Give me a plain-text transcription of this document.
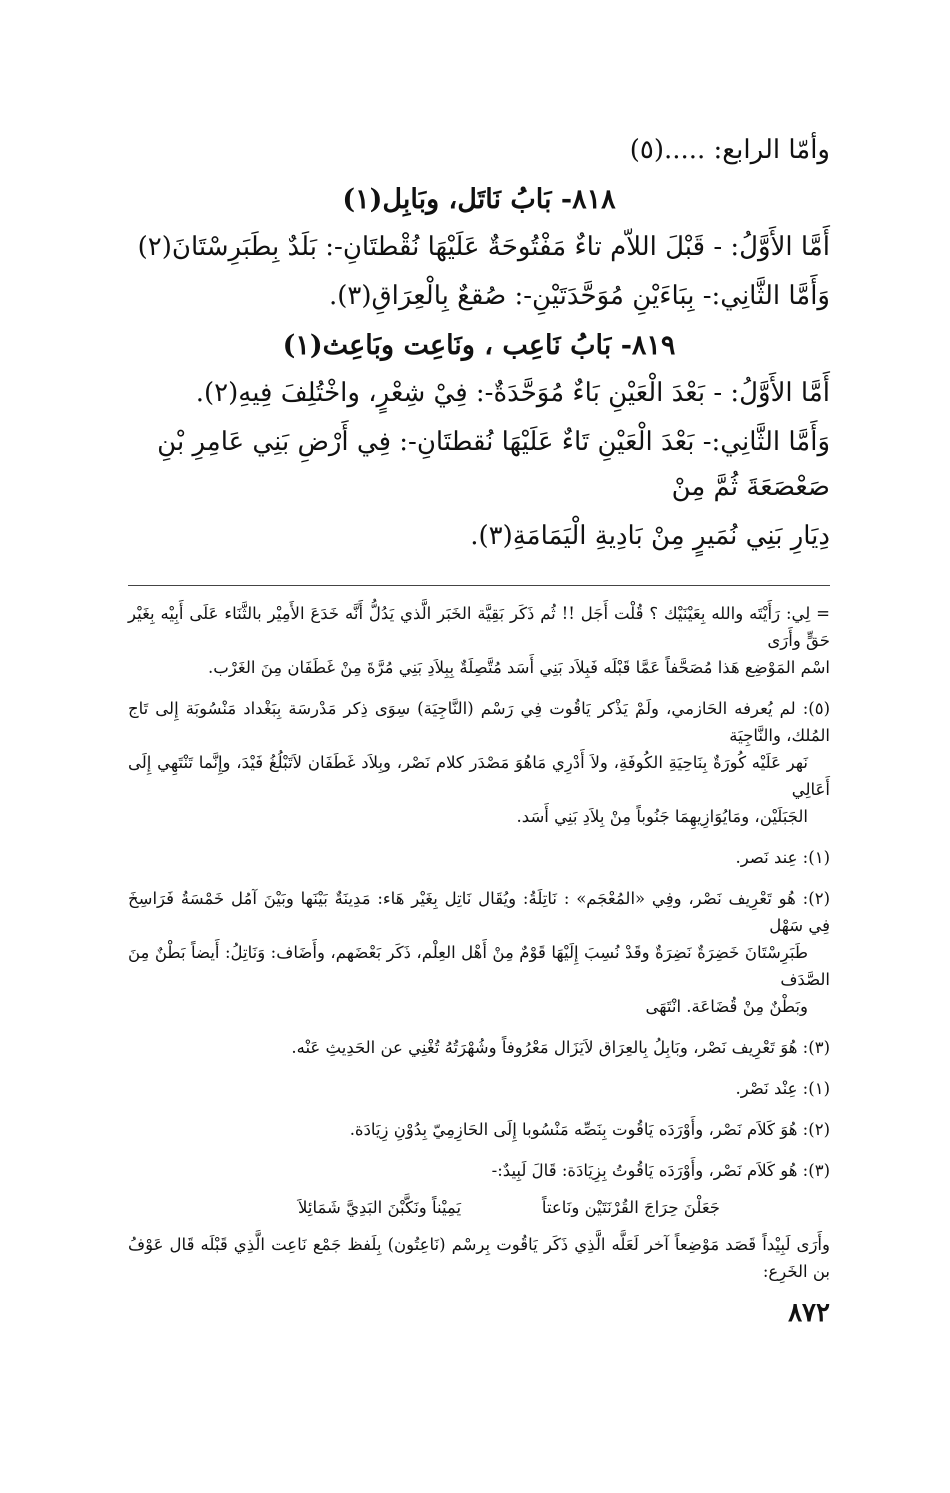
وأمّا الرابع: .....(٥)

٨١٨- بَابُ نَاتَل، وبَابِل(١)

أَمَّا الأَوَّلُ: - قَبْلَ اللاّم تاءٌ مَفْتُوحَةٌ عَلَيْهَا نُقْطتَانِ-: بَلَدٌ بِطَبَرِسْتَانَ(٢)

وَأَمَّا الثَّانِي:- بِبَاءَيْنِ مُوَحَّدَتَيْنِ-: صُقعٌ بِالْعِرَاقِ(٣).

٨١٩- بَابُ نَاعِب ، ونَاعِت وبَاعِث(١)

أَمَّا الأَوَّلُ: - بَعْدَ الْعَيْنِ بَاءٌ مُوَحَّدَةٌ-: فِيْ شِعْرٍ، واخْتُلِفَ فِيهِ(٢).

وَأَمَّا الثَّانِي:- بَعْدَ الْعَيْنِ تَاءٌ عَلَيْهَا نُقطتَانِ-: فِي أَرْضِ بَنِي عَامِرِ بْنِ صَعْصَعَةَ ثُمَّ مِنْ

دِيَارِ بَنِي نُمَيرٍ مِنْ بَادِيةِ الْيَمَامَةِ(٣).

= لِي: رَأَيْتَه والله بِعَيْنَيْك ؟ قُلْت أَجَل !! ثُم ذَكَر بَقِيَّة الخَبَر الَّذي يَدُلُّ أَنَّه خَدَعَ الأَمِيْر بالثَّنَاء عَلَى أَبِيْه بِغَيْر حَقٍّ وأَرَى
اسْم المَوْضِع هَذا مُصَحَّفاً عَمَّا قَبْلَه فَبِلاَد بَنِي أَسَد مُتَّصِلَةٌ بِبِلاَدِ بَنِي مُرَّةَ مِنْ غَطَفَان مِنَ الغَرْب.

(٥): لم يُعرفه الحَازمي، ولَمْ يَذْكر يَاقُوت فِي رَسْم (النَّاجِيَة) سِوَى ذِكر مَدْرسَة بِبَغْداد مَنْسُوبَة إِلى تَاج المُلك، والنَّاجِيَة
نَهر عَلَيْه كُورَةٌ بِنَاحِيَةِ الكُوفَةِ، ولاَ أَدْرِي مَاهُوَ مَصْدَر كلام نَصْر، وبِلاَد غَطَفَان لاَتَبْلُغُ فَيْدَ، وإِنَّما تَنْتَهِي إِلَى أَعَالِي
الجَبَلَيْن، ومَايُوَازِيهِمَا جَنُوباً مِنْ بِلاَدِ بَنِي أَسَد.

(١): عِند نَصر.

(٢): هُو تَعْرِيف نَصْر، وفِي «المُعْجَم» : نَاتِلَةُ: ويُقَال نَاتِل بِغَيْر هَاء: مَدِينَةٌ بَيْنَها وبَيْنَ آمُل خَمْسَةُ فَرَاسِخَ فِي سَهْل
طَبَرِسْتَانَ خَضِرَةٌ نَضِرَةٌ وقَدْ نُسِبَ إِلَيْهَا قَوْمٌ مِنْ أَهْل العِلْم، ذَكَر بَعْضَهم، وأَضَاف: وَنَاتِلُ: أَيضاً بَطْنٌ مِنَ الصَّدَف
وبَطْنٌ مِنْ قُضَاعَة. انْتَهَى

(٣): هُوَ تَعْرِيف نَصْر، وبَابِلُ بِالعِرَاق لاَيَزَال مَعْرُوفاً وشُهْرَتُهُ تُغْنِي عن الحَدِيثِ عَنْه.

(١): عِنْد نَصْر.

(٢): هُوَ كَلاَم نَصْر، وأَوْرَدَه يَاقُوت بِنَصِّه مَنْسُوبا إِلَى الحَازِمِيّ بِدُوْنِ زِيَادَة.

(٣): هُو كَلاَم نَصْر، وأَوْرَدَه يَاقُوتُ بِزِيَادَة: قَالَ لَبِيدٌ:-

جَعَلْنَ حِرَاجَ القُرْنَتَيْن ونَاعتاً
يَمِيْناً ونَكَّبْنَ البَدِيَّ شَمَائِلاَ

وأَرَى لَبِيْداً قَصَد مَوْضِعاً آخر لَعَلَّه الَّذِي ذَكَر يَاقُوت بِرسْم (نَاعِتُون) بِلَفظ جَمْع نَاعِت الَّذِي قَبْلَه قَال عَوْفُ بن الخَرِع:

٨٧٢
